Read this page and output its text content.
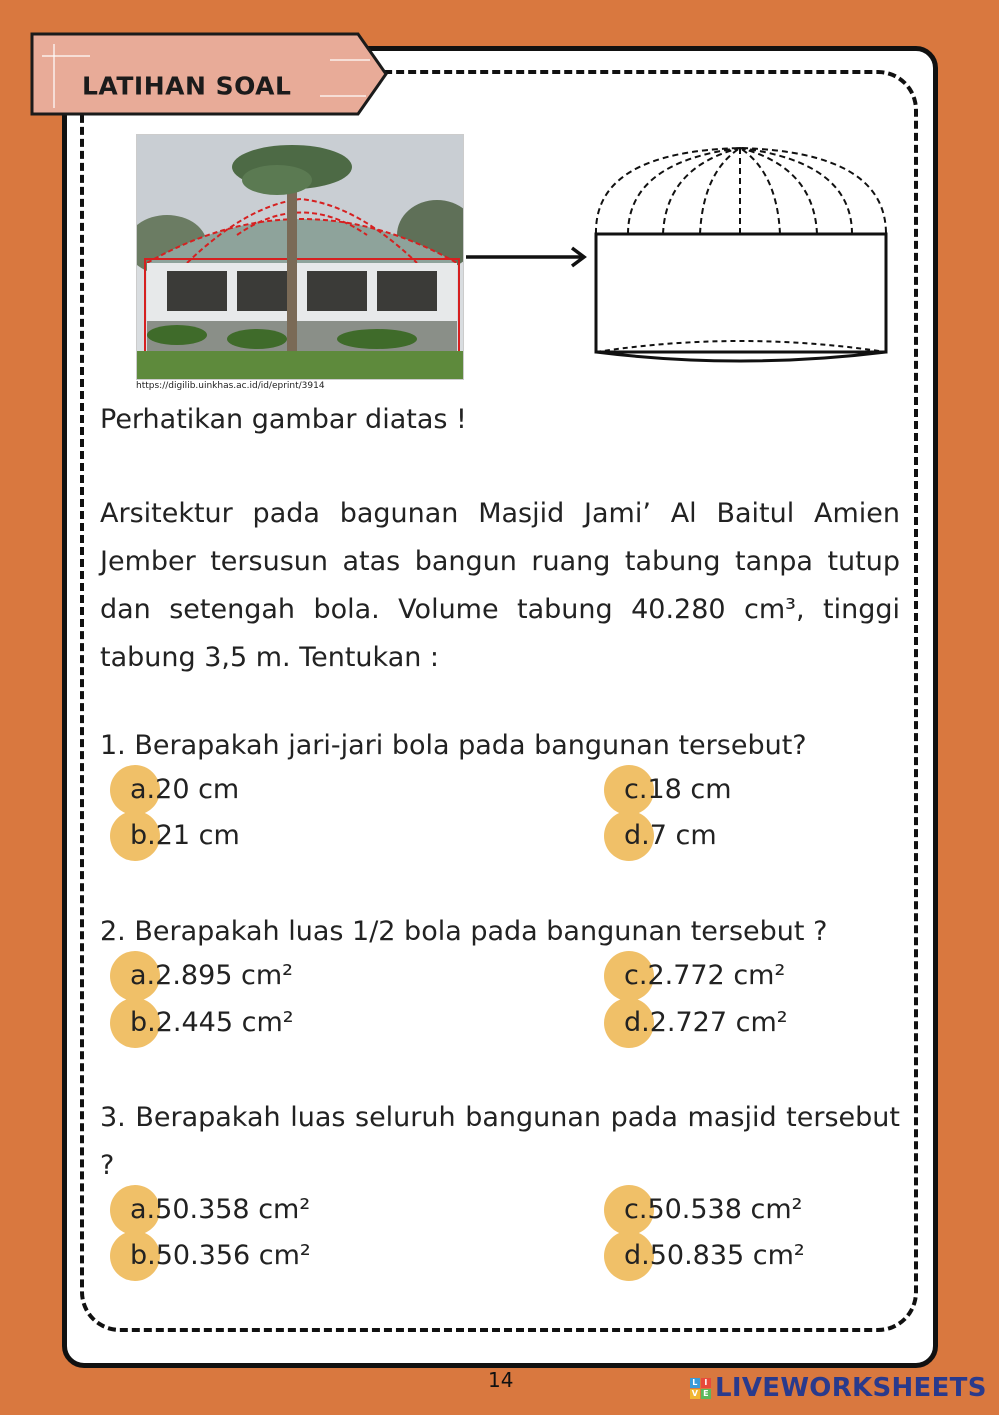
LATIHAN SOAL
https://digilib.uinkhas.ac.id/id/eprint/3914
Perhatikan gambar diatas !
Arsitektur pada bagunan Masjid Jami’ Al Baitul Amien Jember tersusun atas bangun ruang tabung tanpa tutup dan setengah bola. Volume tabung 40.280 cm³, tinggi tabung 3,5 m. Tentukan :
1. Berapakah jari-jari bola pada bangunan tersebut?
a.20 cm
b.21 cm
c.18 cm
d.7 cm
2. Berapakah luas 1/2 bola pada bangunan tersebut ?
a.2.895 cm²
b.2.445 cm²
c.2.772 cm²
d.2.727 cm²
3. Berapakah luas seluruh bangunan pada masjid tersebut ?
a.50.358 cm²
b.50.356 cm²
c.50.538 cm²
d.50.835 cm²
14	L I
V E LIVEWORKSHEETS
